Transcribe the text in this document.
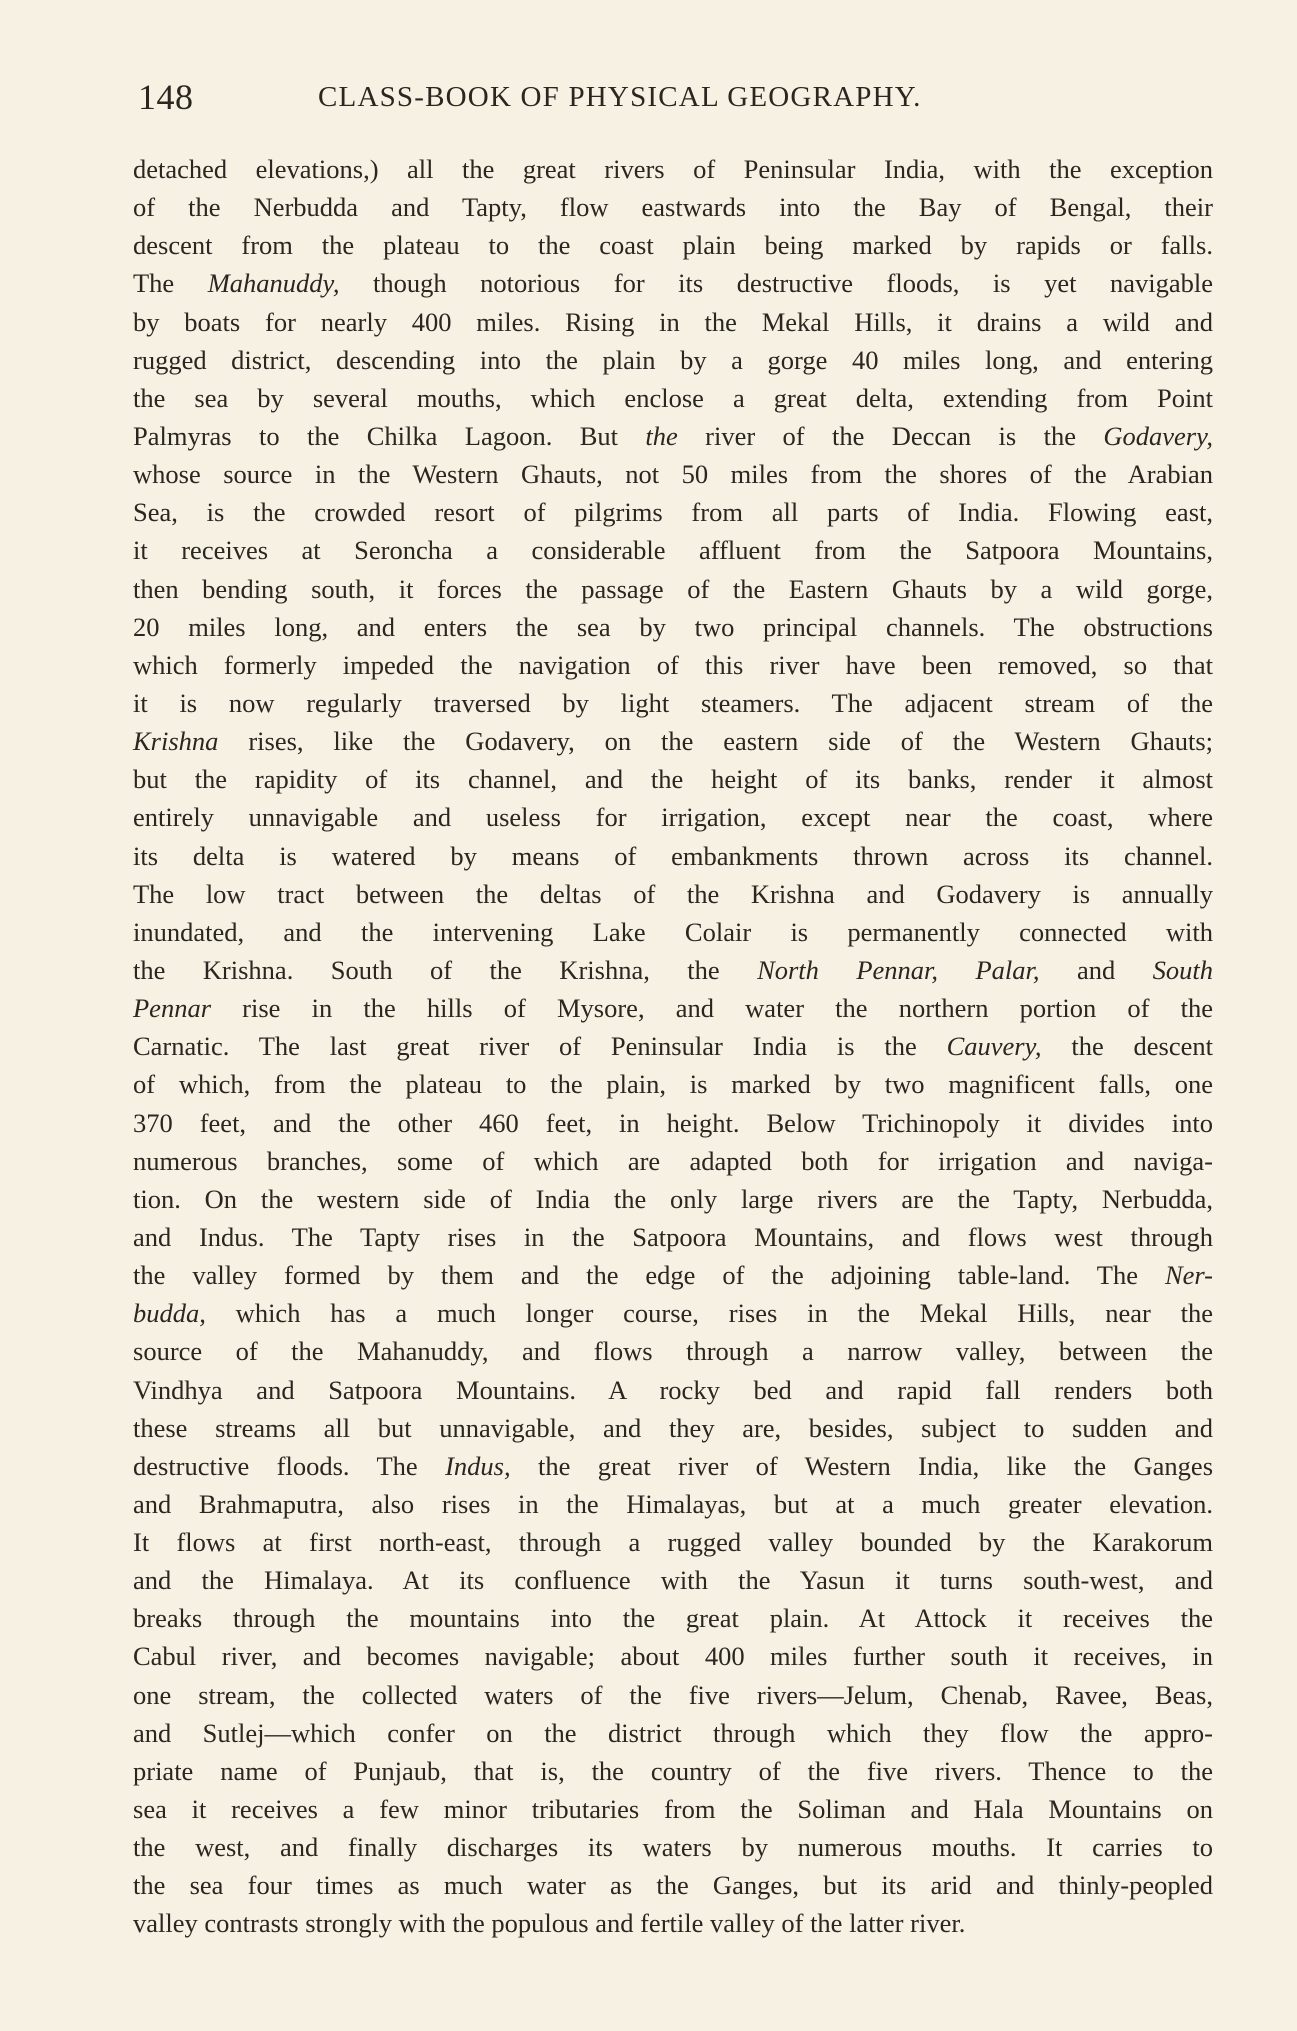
148	CLASS-BOOK OF PHYSICAL GEOGRAPHY.
detached elevations,) all the great rivers of Peninsular India, with the exception
of the Nerbudda and Tapty, flow eastwards into the Bay of Bengal, their
descent from the plateau to the coast plain being marked by rapids or falls.
The Mahanuddy, though notorious for its destructive floods, is yet navigable
by boats for nearly 400 miles. Rising in the Mekal Hills, it drains a wild and
rugged district, descending into the plain by a gorge 40 miles long, and entering
the sea by several mouths, which enclose a great delta, extending from Point
Palmyras to the Chilka Lagoon. But the river of the Deccan is the Godavery,
whose source in the Western Ghauts, not 50 miles from the shores of the Arabian
Sea, is the crowded resort of pilgrims from all parts of India. Flowing east,
it receives at Seroncha a considerable affluent from the Satpoora Mountains,
then bending south, it forces the passage of the Eastern Ghauts by a wild gorge,
20 miles long, and enters the sea by two principal channels. The obstructions
which formerly impeded the navigation of this river have been removed, so that
it is now regularly traversed by light steamers. The adjacent stream of the
Krishna rises, like the Godavery, on the eastern side of the Western Ghauts;
but the rapidity of its channel, and the height of its banks, render it almost
entirely unnavigable and useless for irrigation, except near the coast, where
its delta is watered by means of embankments thrown across its channel.
The low tract between the deltas of the Krishna and Godavery is annually
inundated, and the intervening Lake Colair is permanently connected with
the Krishna. South of the Krishna, the North Pennar, Palar, and South
Pennar rise in the hills of Mysore, and water the northern portion of the
Carnatic. The last great river of Peninsular India is the Cauvery, the descent
of which, from the plateau to the plain, is marked by two magnificent falls, one
370 feet, and the other 460 feet, in height. Below Trichinopoly it divides into
numerous branches, some of which are adapted both for irrigation and naviga-
tion. On the western side of India the only large rivers are the Tapty, Nerbudda,
and Indus. The Tapty rises in the Satpoora Mountains, and flows west through
the valley formed by them and the edge of the adjoining table-land. The Ner-
budda, which has a much longer course, rises in the Mekal Hills, near the
source of the Mahanuddy, and flows through a narrow valley, between the
Vindhya and Satpoora Mountains. A rocky bed and rapid fall renders both
these streams all but unnavigable, and they are, besides, subject to sudden and
destructive floods. The Indus, the great river of Western India, like the Ganges
and Brahmaputra, also rises in the Himalayas, but at a much greater elevation.
It flows at first north-east, through a rugged valley bounded by the Karakorum
and the Himalaya. At its confluence with the Yasun it turns south-west, and
breaks through the mountains into the great plain. At Attock it receives the
Cabul river, and becomes navigable; about 400 miles further south it receives, in
one stream, the collected waters of the five rivers—Jelum, Chenab, Ravee, Beas,
and Sutlej—which confer on the district through which they flow the appro-
priate name of Punjaub, that is, the country of the five rivers. Thence to the
sea it receives a few minor tributaries from the Soliman and Hala Mountains on
the west, and finally discharges its waters by numerous mouths. It carries to
the sea four times as much water as the Ganges, but its arid and thinly-peopled
valley contrasts strongly with the populous and fertile valley of the latter river.
